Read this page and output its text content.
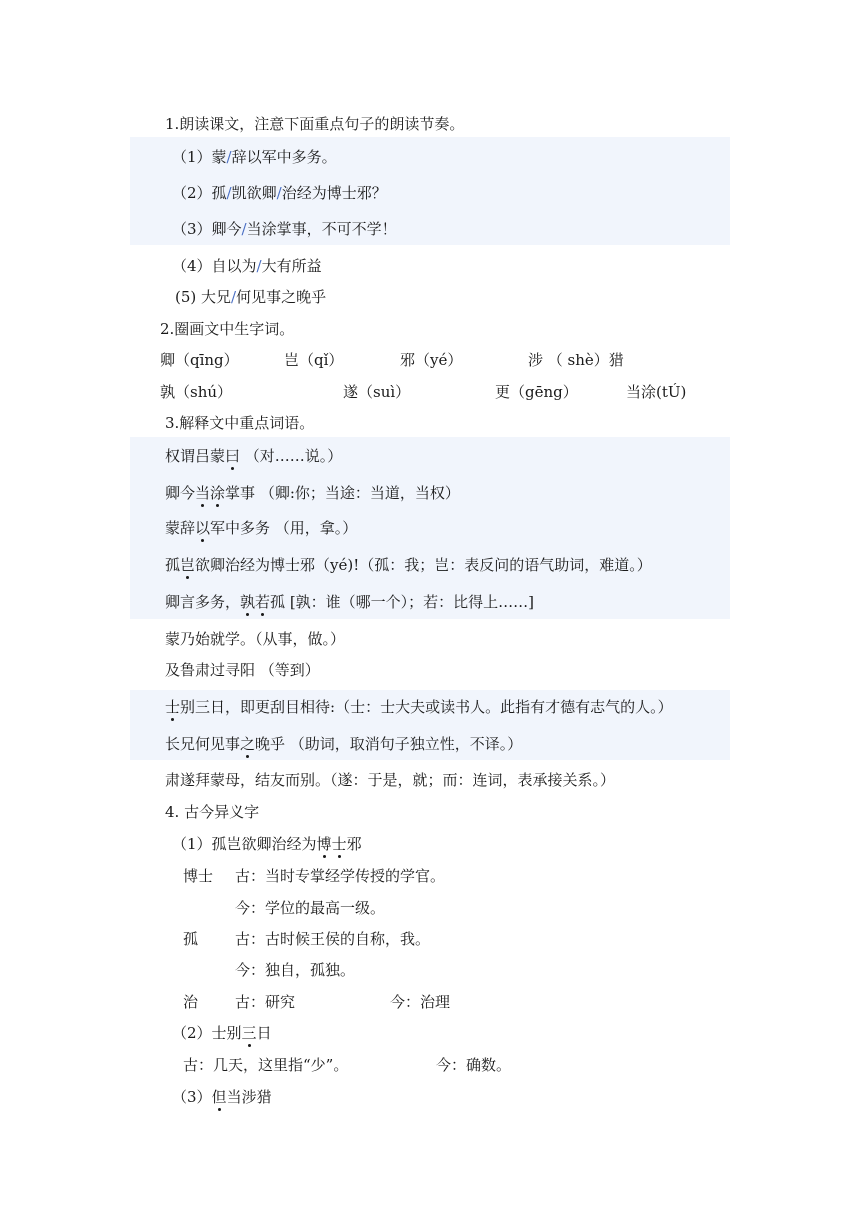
1.朗读课文，注意下面重点句子的朗读节奏。
（1）蒙/辞以军中多务。
（2）孤/凯欲卿/治经为博士邪？
（3）卿今/当涂掌事，不可不学！
（4）自以为/大有所益
(5) 大兄/何见事之晚乎
2.圈画文中生字词。
卿（qīng）	岂（qǐ）	邪（yé）	涉 （ shè）猎
孰（shú）	遂（suì）	更（gēng）	当涂(tÚ)
3.解释文中重点词语。
权谓吕蒙曰 （对……说。）
卿今当涂掌事 （卿:你；当途：当道，当权）
蒙辞以军中多务 （用，拿。）
孤岂欲卿治经为博士邪（yé)!（孤：我；岂：表反问的语气助词，难道。）
卿言多务，孰若孤 [孰：谁（哪一个）；若：比得上……]
蒙乃始就学。（从事，做。）
及鲁肃过寻阳 （等到）
士别三日，即更刮目相待:（士：士大夫或读书人。此指有才德有志气的人。）
长兄何见事之晚乎 （助词，取消句子独立性，不译。）
肃遂拜蒙母，结友而别。（遂：于是，就；而：连词，表承接关系。）
4. 古今异义字
（1）孤岂欲卿治经为博士邪
博士 古：当时专掌经学传授的学官。
今：学位的最高一级。
孤 古：古时候王侯的自称，我。
今：独自，孤独。
治 古：研究	今：治理
（2）士别三日
古：几天，这里指“少”。	今：确数。
（3）但当涉猎
